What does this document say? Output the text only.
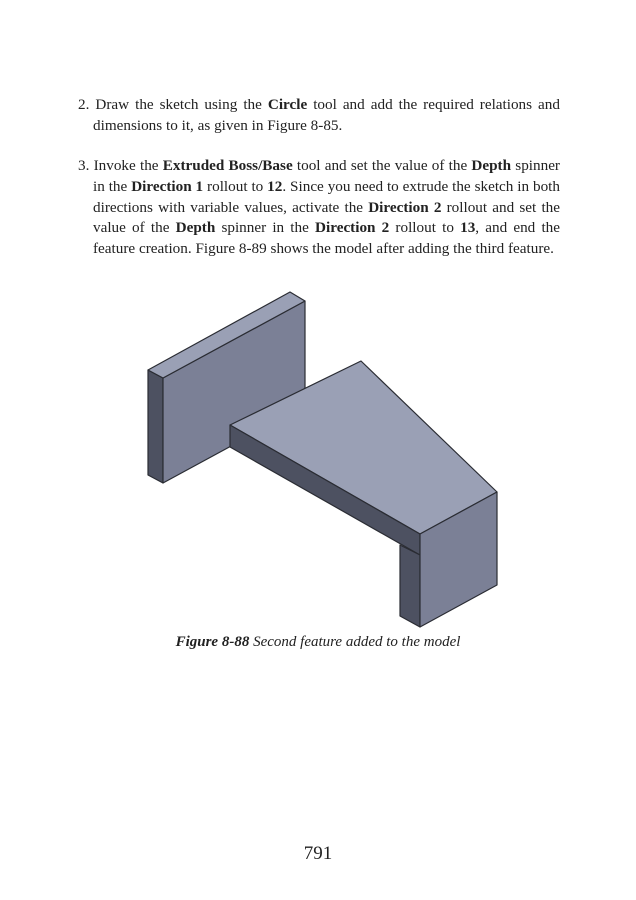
2. Draw the sketch using the Circle tool and add the required relations and dimensions to it, as given in Figure 8-85.
3. Invoke the Extruded Boss/Base tool and set the value of the Depth spinner in the Direction 1 rollout to 12. Since you need to extrude the sketch in both directions with variable values, activate the Direction 2 rollout and set the value of the Depth spinner in the Direction 2 rollout to 13, and end the feature creation. Figure 8-89 shows the model after adding the third feature.
Figure 8-88 Second feature added to the model
791
